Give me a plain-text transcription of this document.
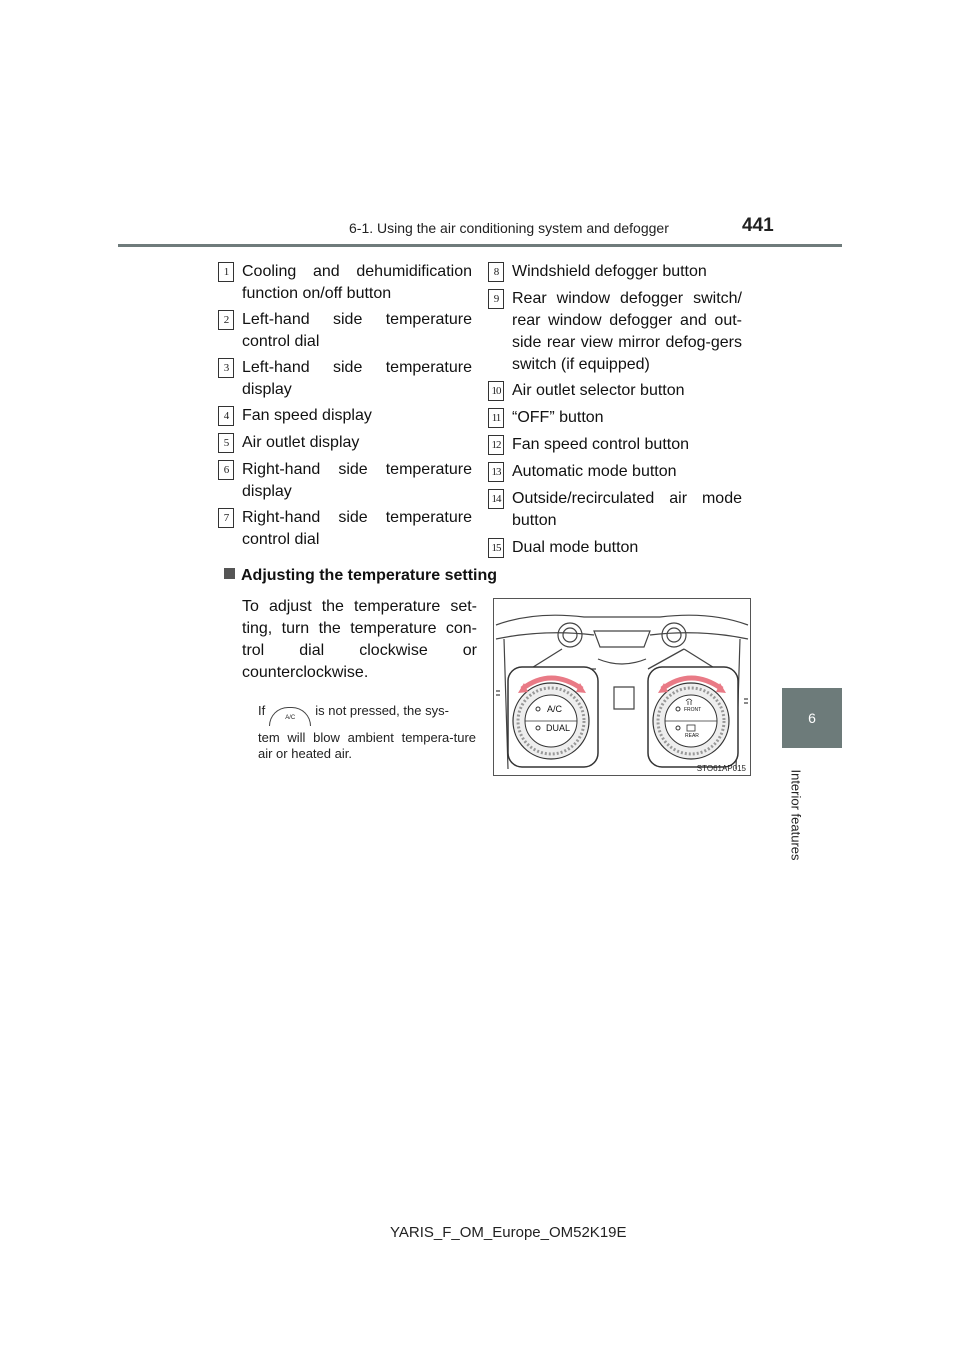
6-1. Using the air conditioning system and defogger	441
6
Interior features
1 Cooling and dehumidification function on/off button
2 Left-hand side temperature control dial
3 Left-hand side temperature display
4 Fan speed display
5 Air outlet display
6 Right-hand side temperature display
7 Right-hand side temperature control dial
8 Windshield defogger button
9 Rear window defogger switch/ rear window defogger and out-side rear view mirror defog-gers switch (if equipped)
10 Air outlet selector button
11 “OFF” button
12 Fan speed control button
13 Automatic mode button
14 Outside/recirculated air mode button
15 Dual mode button
Adjusting the temperature setting
To adjust the temperature set-ting, turn the temperature con-trol dial clockwise or counterclockwise.
If	A/C is not pressed, the sys-
tem will blow ambient tempera-ture air or heated air.
A/C
DUAL
FRONT
REAR
STO61AP015
YARIS_F_OM_Europe_OM52K19E
